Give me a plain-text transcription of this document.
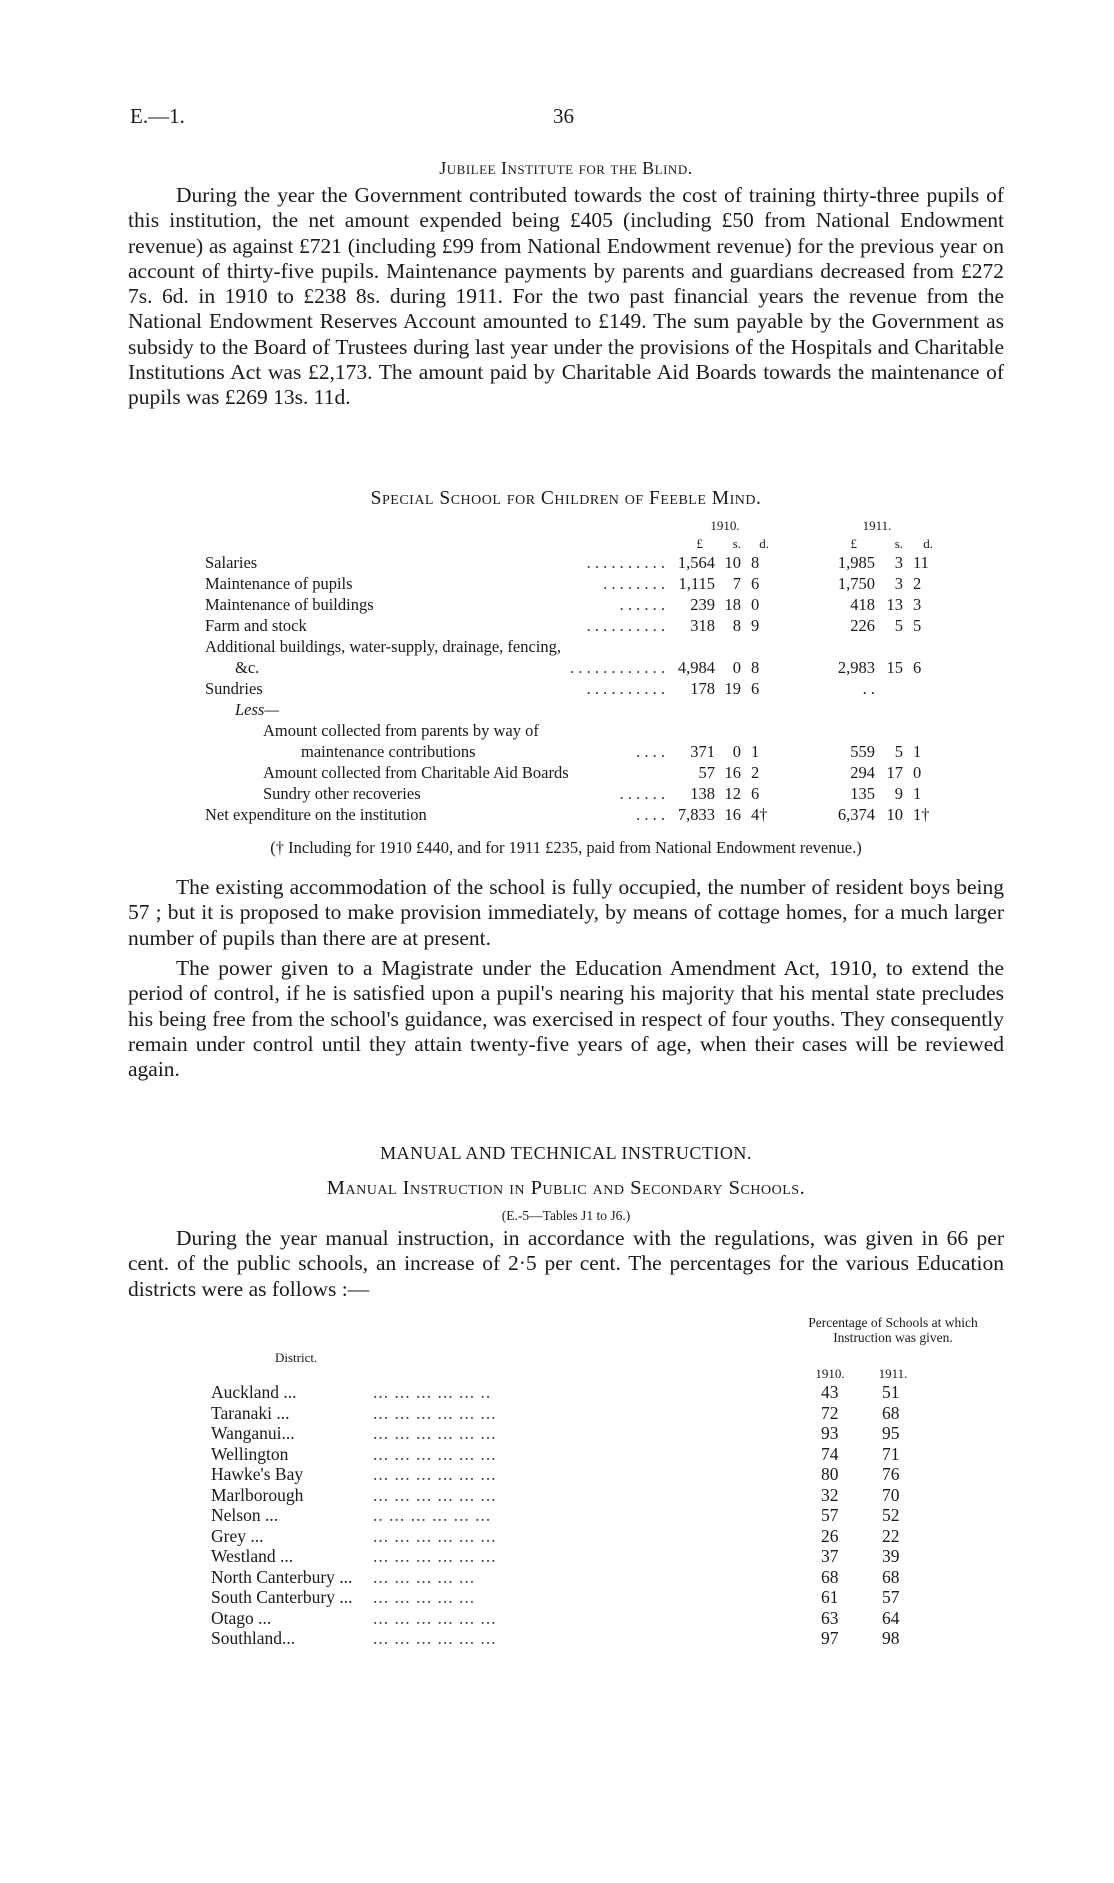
E.—1.	36
Jubilee Institute for the Blind.

During the year the Government contributed towards the cost of training thirty-three pupils of this institution, the net amount expended being £405 (including £50 from National Endowment revenue) as against £721 (including £99 from National Endowment revenue) for the previous year on account of thirty-five pupils. Maintenance payments by parents and guardians decreased from £272 7s. 6d. in 1910 to £238 8s. during 1911. For the two past financial years the revenue from the National Endowment Reserves Account amounted to £149. The sum payable by the Government as subsidy to the Board of Trustees during last year under the provisions of the Hospitals and Charitable Institutions Act was £2,173. The amount paid by Charitable Aid Boards towards the maintenance of pupils was £269 13s. 11d.

Special School for Children of Feeble Mind.
1910.	1911.
£	s.	d.	£	s.	d.
Salaries	. . . . . . . . . . 1,564 10 8	1,985	3 11
Maintenance of pupils	. . . . . . . . 1,115	7 6	1,750	3 2
Maintenance of buildings	. . . . . .	239 18 0	418 13 3
Farm and stock	. . . . . . . . . .	318	8 9	226	5 5
Additional buildings, water-supply, drainage, fencing,
&c.	. . . . . . . . . . . . 4,984	0 8	2,983 15 6
Sundries	. . . . . . . . . .	178 19 6	. .
Less—
Amount collected from parents by way of
maintenance contributions	. . . .	371	0 1	559	5 1
Amount collected from Charitable Aid Boards	57 16 2	294 17 0
Sundry other recoveries	. . . . . .	138 12 6	135	9 1
Net expenditure on the institution	. . . . 7,833 16 4†	6,374 10 1†
(† Including for 1910 £440, and for 1911 £235, paid from National Endowment revenue.)

The existing accommodation of the school is fully occupied, the number of resident boys being 57 ; but it is proposed to make provision immediately, by means of cottage homes, for a much larger number of pupils than there are at present.

The power given to a Magistrate under the Education Amendment Act, 1910, to extend the period of control, if he is satisfied upon a pupil's nearing his majority that his mental state precludes his being free from the school's guidance, was exercised in respect of four youths. They consequently remain under control until they attain twenty-five years of age, when their cases will be reviewed again.

MANUAL AND TECHNICAL INSTRUCTION.
Manual Instruction in Public and Secondary Schools.
(E.-5—Tables J1 to J6.)

During the year manual instruction, in accordance with the regulations, was given in 66 per cent. of the public schools, an increase of 2·5 per cent. The percentages for the various Education districts were as follows :—

District.
Percentage of Schools at which Instruction was given.
1910.	1911.
Auckland ...	... ... ... ... ... ..	43	51
Taranaki ...	... ... ... ... ... ...	72	68
Wanganui...	... ... ... ... ... ...	93	95
Wellington	... ... ... ... ... ...	74	71
Hawke's Bay	... ... ... ... ... ...	80	76
Marlborough	... ... ... ... ... ...	32	70
Nelson ...	.. ... ... ... ... ...	57	52
Grey ...	... ... ... ... ... ...	26	22
Westland ...	... ... ... ... ... ...	37	39
North Canterbury ... ... ... ... ... ...	68	68
South Canterbury ... ... ... ... ... ...	61	57
Otago ...	... ... ... ... ... ...	63	64
Southland...	... ... ... ... ... ...	97	98
